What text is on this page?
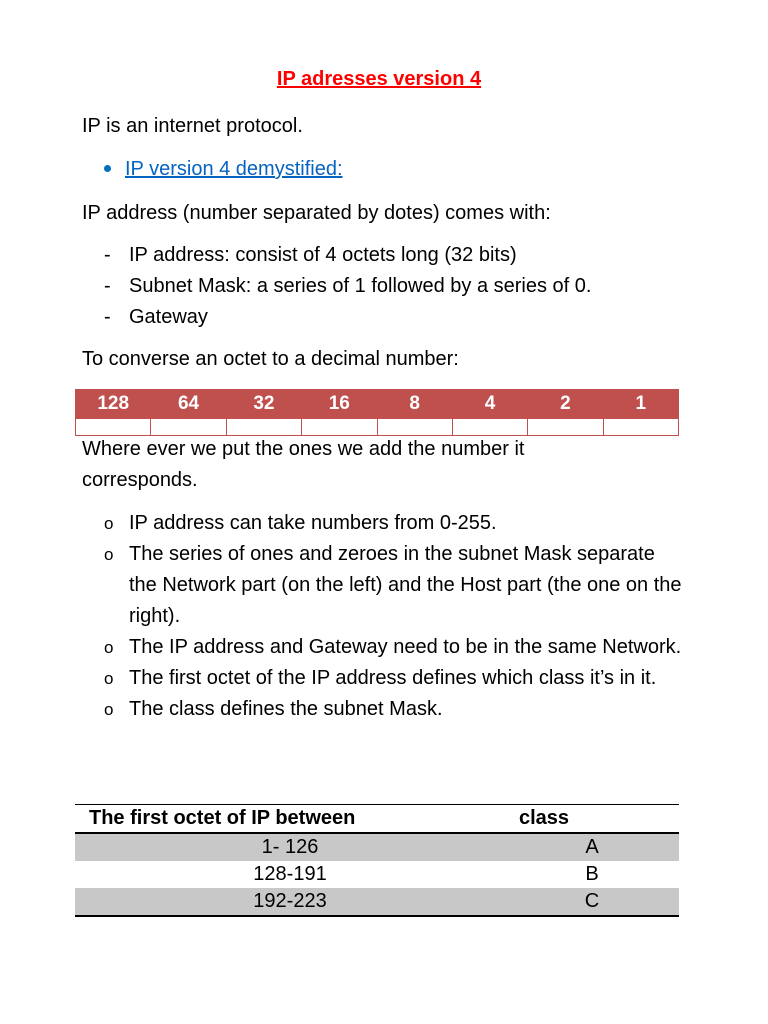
IP adresses version 4
IP is an internet protocol.
IP version 4 demystified:
IP address (number separated by dotes) comes with:
- IP address: consist of 4 octets long (32 bits)
- Subnet Mask: a series of 1 followed by a series of 0.
- Gateway
To converse an octet to a decimal number:
128	64	32	16	8	4	2	1

Where ever we put the ones we add the number it
corresponds.
o IP address can take numbers from 0-255.
o The series of ones and zeroes in the subnet Mask separate the Network part (on the left) and the Host part (the one on the right).
o The IP address and Gateway need to be in the same Network.
o The first octet of the IP address defines which class it’s in it.
o The class defines the subnet Mask.
The first octet of IP between	class
1- 126	A
128-191	B
192-223	C
